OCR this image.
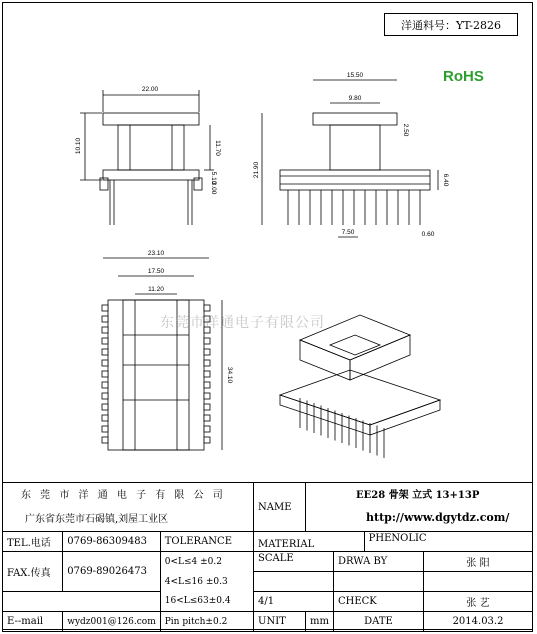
洋通料号：YT-2826
RoHS
22.00
10.10	11.70
5.10
3.00
15.50
9.80
2.50
21.90
6.40
7.50	0.60
23.10
17.50
11.20
34.10
东莞市洋通电子有限公司
东 莞 市 洋 通 电 子 有 限 公 司			NAME	EE28 骨架 立式 13+13P			
广东省东莞市石碣镇,刘屋工业区				http://www.dgytdz.com/			
TEL.电话	0769-86309483	TOLERANCE	MATERIAL			PHENOLIC	
FAX.传真	0769-89026473	0<L≤4 ±0.2	SCALE		DRWA BY		张 阳
		4<L≤16 ±0.3					
		16<L≤63±0.4	4/1		CHECK		张 艺
E--mail	wydz001@126.com	Pin pitch±0.2	UNIT	mm	DATE		2014.03.2
